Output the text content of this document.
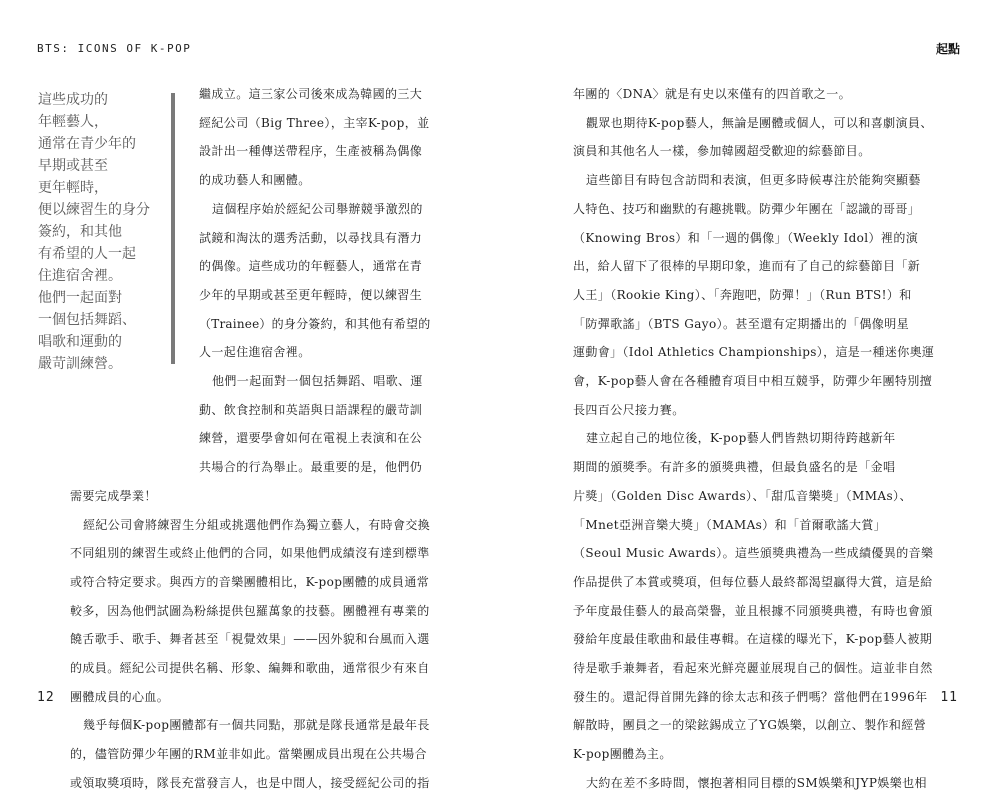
BTS: ICONS OF K-POP
這些成功的
年輕藝人，
通常在青少年的
早期或甚至
更年輕時，
便以練習生的身分
簽約，和其他
有希望的人一起
住進宿舍裡。
他們一起面對
一個包括舞蹈、
唱歌和運動的
嚴苛訓練營。
繼成立。這三家公司後來成為韓國的三大
經紀公司（Big Three），主宰K-pop，並
設計出一種傳送帶程序，生產被稱為偶像
的成功藝人和團體。
這個程序始於經紀公司舉辦競爭激烈的
試鏡和淘汰的選秀活動，以尋找具有潛力
的偶像。這些成功的年輕藝人，通常在青
少年的早期或甚至更年輕時，便以練習生
（Trainee）的身分簽約，和其他有希望的
人一起住進宿舍裡。
他們一起面對一個包括舞蹈、唱歌、運
動、飲食控制和英語與日語課程的嚴苛訓
練營，還要學會如何在電視上表演和在公
共場合的行為舉止。最重要的是，他們仍
需要完成學業！
經紀公司會將練習生分組或挑選他們作為獨立藝人，有時會交換
不同組別的練習生或終止他們的合同，如果他們成績沒有達到標準
或符合特定要求。與西方的音樂團體相比，K-pop團體的成員通常
較多，因為他們試圖為粉絲提供包羅萬象的技藝。團體裡有專業的
饒舌歌手、歌手、舞者甚至「視覺效果」——因外貌和台風而入選
的成員。經紀公司提供名稱、形象、編舞和歌曲，通常很少有來自
團體成員的心血。
幾乎每個K-pop團體都有一個共同點，那就是隊長通常是最年長
的，儘管防彈少年團的RM並非如此。當樂團成員出現在公共場合
或領取獎項時，隊長充當發言人，也是中間人，接受經紀公司的指
12
起點
年團的〈DNA〉就是有史以來僅有的四首歌之一。
觀眾也期待K-pop藝人，無論是團體或個人，可以和喜劇演員、
演員和其他名人一樣，參加韓國超受歡迎的綜藝節目。
這些節目有時包含訪問和表演，但更多時候專注於能夠突顯藝
人特色、技巧和幽默的有趣挑戰。防彈少年團在「認識的哥哥」
（Knowing Bros）和「一週的偶像」（Weekly Idol）裡的演
出，給人留下了很棒的早期印象，進而有了自己的綜藝節目「新
人王」（Rookie King）、「奔跑吧，防彈！」（Run BTS!）和
「防彈歌謠」（BTS Gayo）。甚至還有定期播出的「偶像明星
運動會」（Idol Athletics Championships），這是一種迷你奧運
會，K-pop藝人會在各種體育項目中相互競爭，防彈少年團特別擅
長四百公尺接力賽。
建立起自己的地位後，K-pop藝人們皆熱切期待跨越新年
期間的頒獎季。有許多的頒獎典禮，但最負盛名的是「金唱
片獎」（Golden Disc Awards）、「甜瓜音樂獎」（MMAs）、
「Mnet亞洲音樂大獎」（MAMAs）和「首爾歌謠大賞」
（Seoul Music Awards）。這些頒獎典禮為一些成績優異的音樂
作品提供了本賞或獎項，但每位藝人最終都渴望贏得大賞，這是給
予年度最佳藝人的最高榮譽，並且根據不同頒獎典禮，有時也會頒
發給年度最佳歌曲和最佳專輯。在這樣的曝光下，K-pop藝人被期
待是歌手兼舞者，看起來光鮮亮麗並展現自己的個性。這並非自然
發生的。還記得首開先鋒的徐太志和孩子們嗎？當他們在1996年
解散時，團員之一的梁鉉錫成立了YG娛樂，以創立、製作和經營
K-pop團體為主。
大約在差不多時間，懷抱著相同目標的SM娛樂和JYP娛樂也相
11
